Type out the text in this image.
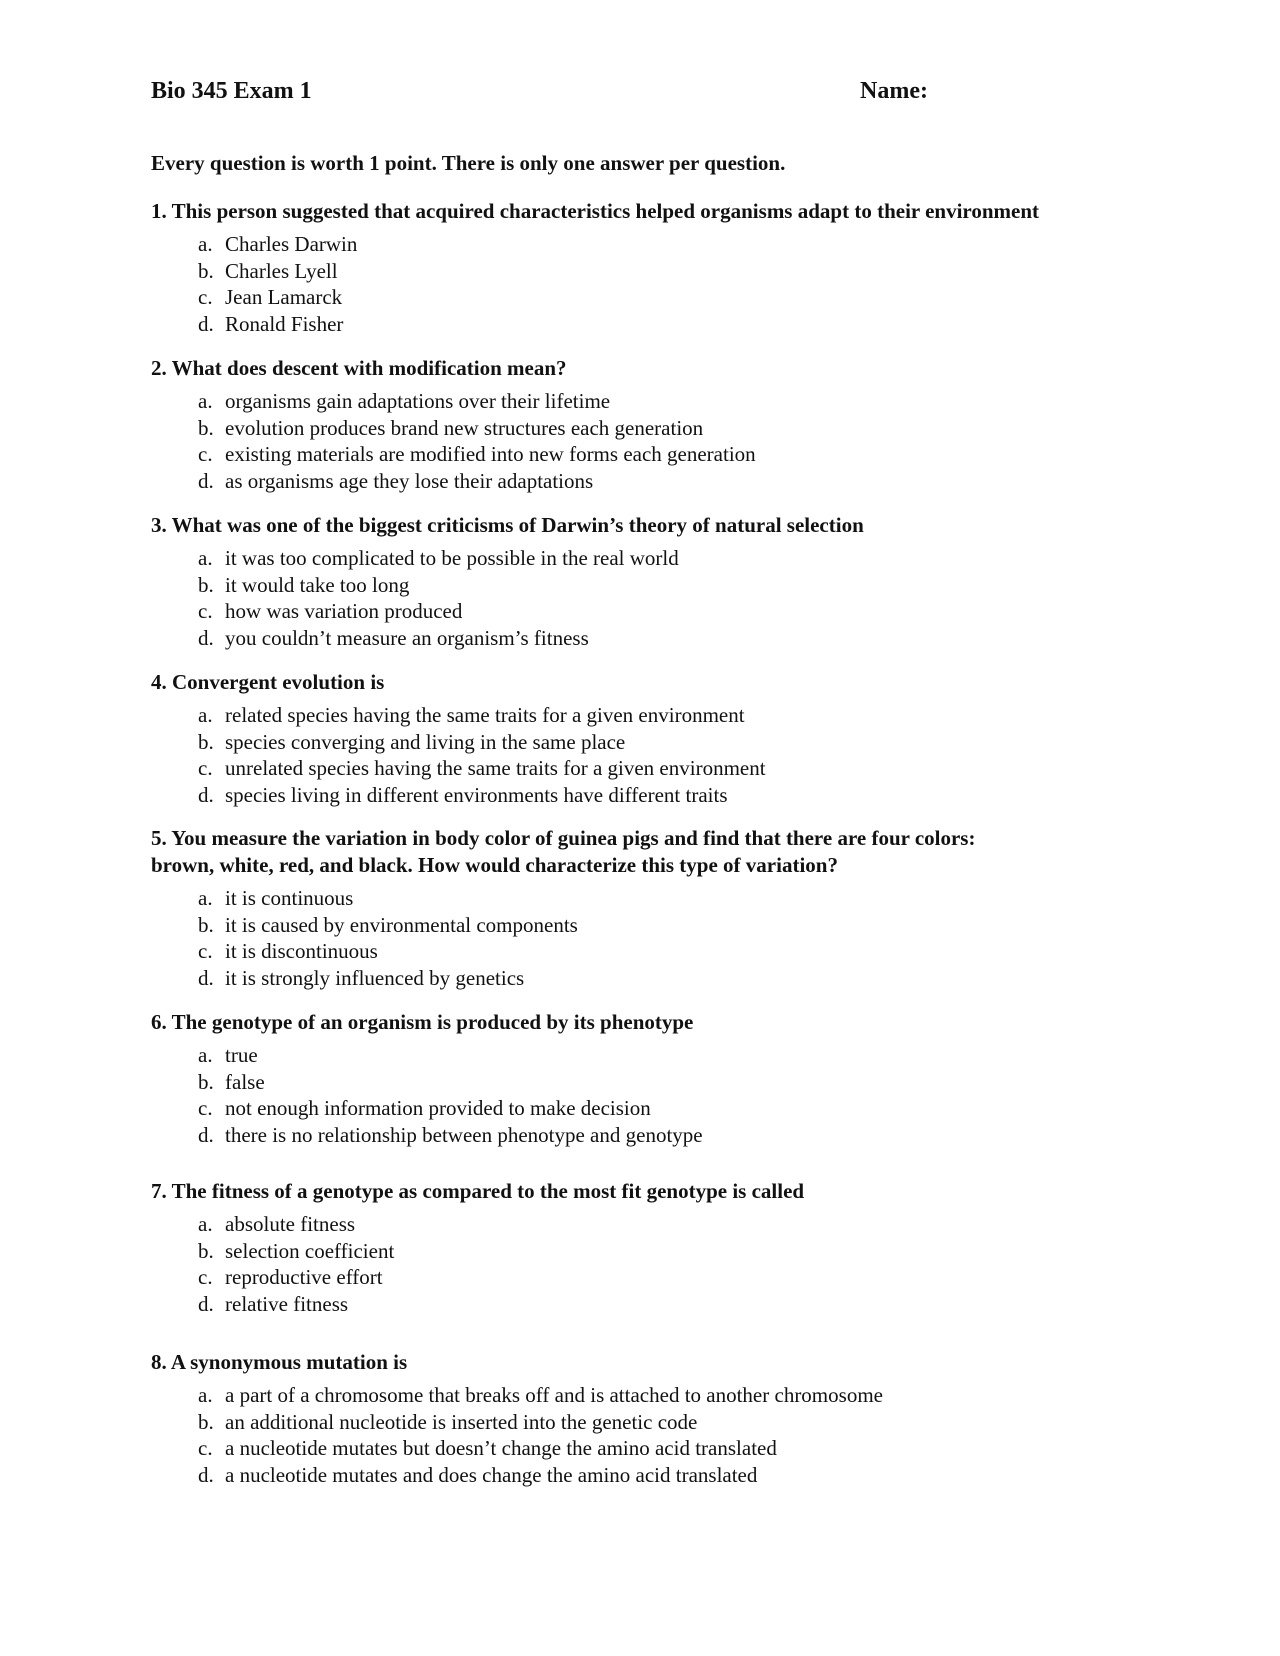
Bio 345 Exam 1	Name:
Every question is worth 1 point. There is only one answer per question.

1. This person suggested that acquired characteristics helped organisms adapt to their environment

a. Charles Darwin
b. Charles Lyell
c. Jean Lamarck
d. Ronald Fisher

2. What does descent with modification mean?

a. organisms gain adaptations over their lifetime
b. evolution produces brand new structures each generation
c. existing materials are modified into new forms each generation
d. as organisms age they lose their adaptations

3. What was one of the biggest criticisms of Darwin’s theory of natural selection

a. it was too complicated to be possible in the real world
b. it would take too long
c. how was variation produced
d. you couldn’t measure an organism’s fitness

4. Convergent evolution is

a. related species having the same traits for a given environment
b. species converging and living in the same place
c. unrelated species having the same traits for a given environment
d. species living in different environments have different traits

5. You measure the variation in body color of guinea pigs and find that there are four colors:
brown, white, red, and black. How would characterize this type of variation?

a. it is continuous
b. it is caused by environmental components
c. it is discontinuous
d. it is strongly influenced by genetics

6. The genotype of an organism is produced by its phenotype

a. true
b. false
c. not enough information provided to make decision
d. there is no relationship between phenotype and genotype

7. The fitness of a genotype as compared to the most fit genotype is called

a. absolute fitness
b. selection coefficient
c. reproductive effort
d. relative fitness

8. A synonymous mutation is

a. a part of a chromosome that breaks off and is attached to another chromosome
b. an additional nucleotide is inserted into the genetic code
c. a nucleotide mutates but doesn’t change the amino acid translated
d. a nucleotide mutates and does change the amino acid translated
